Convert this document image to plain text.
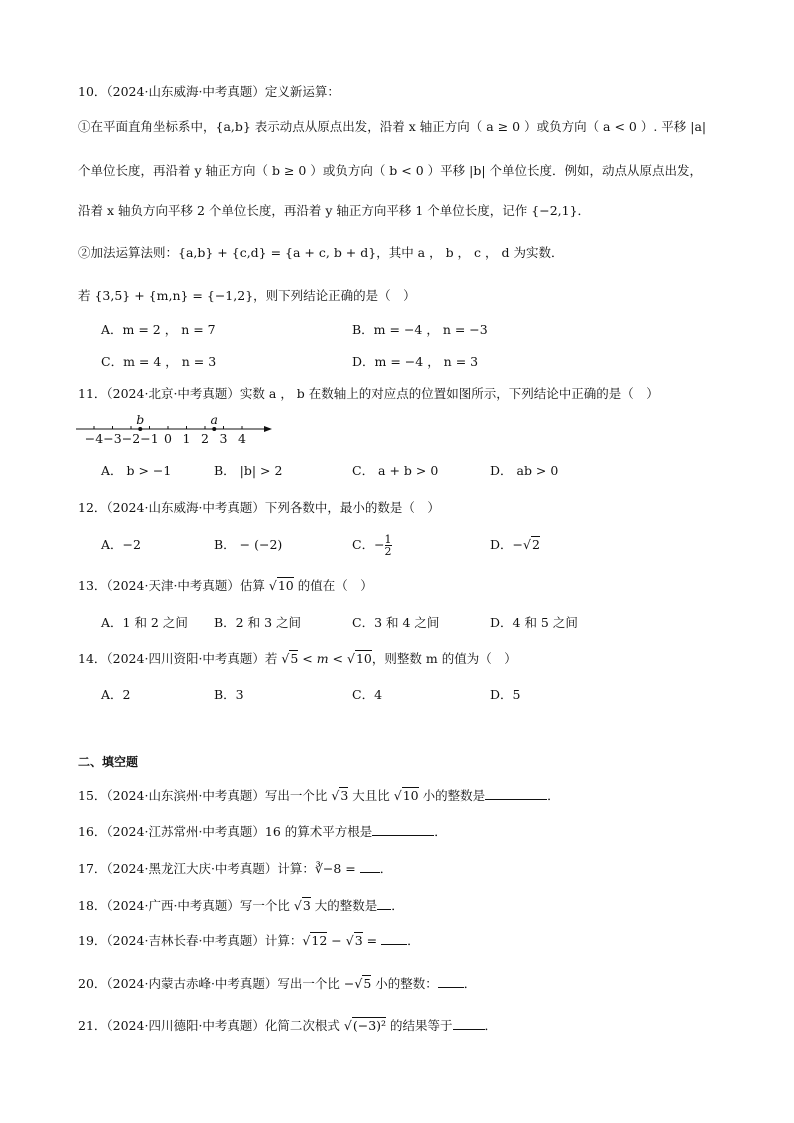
10．（2024·山东威海·中考真题）定义新运算：
①在平面直角坐标系中，{a,b} 表示动点从原点出发，沿着 x 轴正方向（ a ≥ 0 ）或负方向（ a < 0 ）. 平移 |a|
个单位长度，再沿着 y 轴正方向（ b ≥ 0 ）或负方向（ b < 0 ）平移 |b| 个单位长度．例如，动点从原点出发，
沿着 x 轴负方向平移 2 个单位长度，再沿着 y 轴正方向平移 1 个单位长度，记作 {−2,1}．
②加法运算法则：{a,b} + {c,d} = {a + c, b + d}，其中 a ， b ， c ， d 为实数．
若 {3,5} + {m,n} = {−1,2}，则下列结论正确的是（　）
A．m = 2 ， n = 7	B．m = −4 ， n = −3
C．m = 4 ， n = 3	D．m = −4 ， n = 3
11．（2024·北京·中考真题）实数 a ， b 在数轴上的对应点的位置如图所示，下列结论中正确的是（　）
−4 −3 −2 −1 0 1 2 3 4
b	a
A． b > −1	B． |b| > 2	C． a + b > 0	D． ab > 0
12．（2024·山东威海·中考真题）下列各数中，最小的数是（　）
A．−2	B． − (−2)	C．− $\frac{1}{2}$	D．−√2
13．（2024·天津·中考真题）估算 √10 的值在（　）
A．1 和 2 之间 B．2 和 3 之间	C．3 和 4 之间	D．4 和 5 之间
14．（2024·四川资阳·中考真题）若 √5 < m < √10，则整数 m 的值为（　）
A．2	B．3	C．4	D．5
二、填空题
15．（2024·山东滨州·中考真题）写出一个比 √3 大且比 √10 小的整数是	．
16．（2024·江苏常州·中考真题）16 的算术平方根是	．
17．（2024·黑龙江大庆·中考真题）计算：∛−8 = ．
18．（2024·广西·中考真题）写一个比 √3 大的整数是 ．
19．（2024·吉林长春·中考真题）计算：√12 − √3 = ．
20．（2024·内蒙古赤峰·中考真题）写出一个比 −√5 小的整数： ．
21．（2024·四川德阳·中考真题）化简二次根式 √(−3)² 的结果等于	．
